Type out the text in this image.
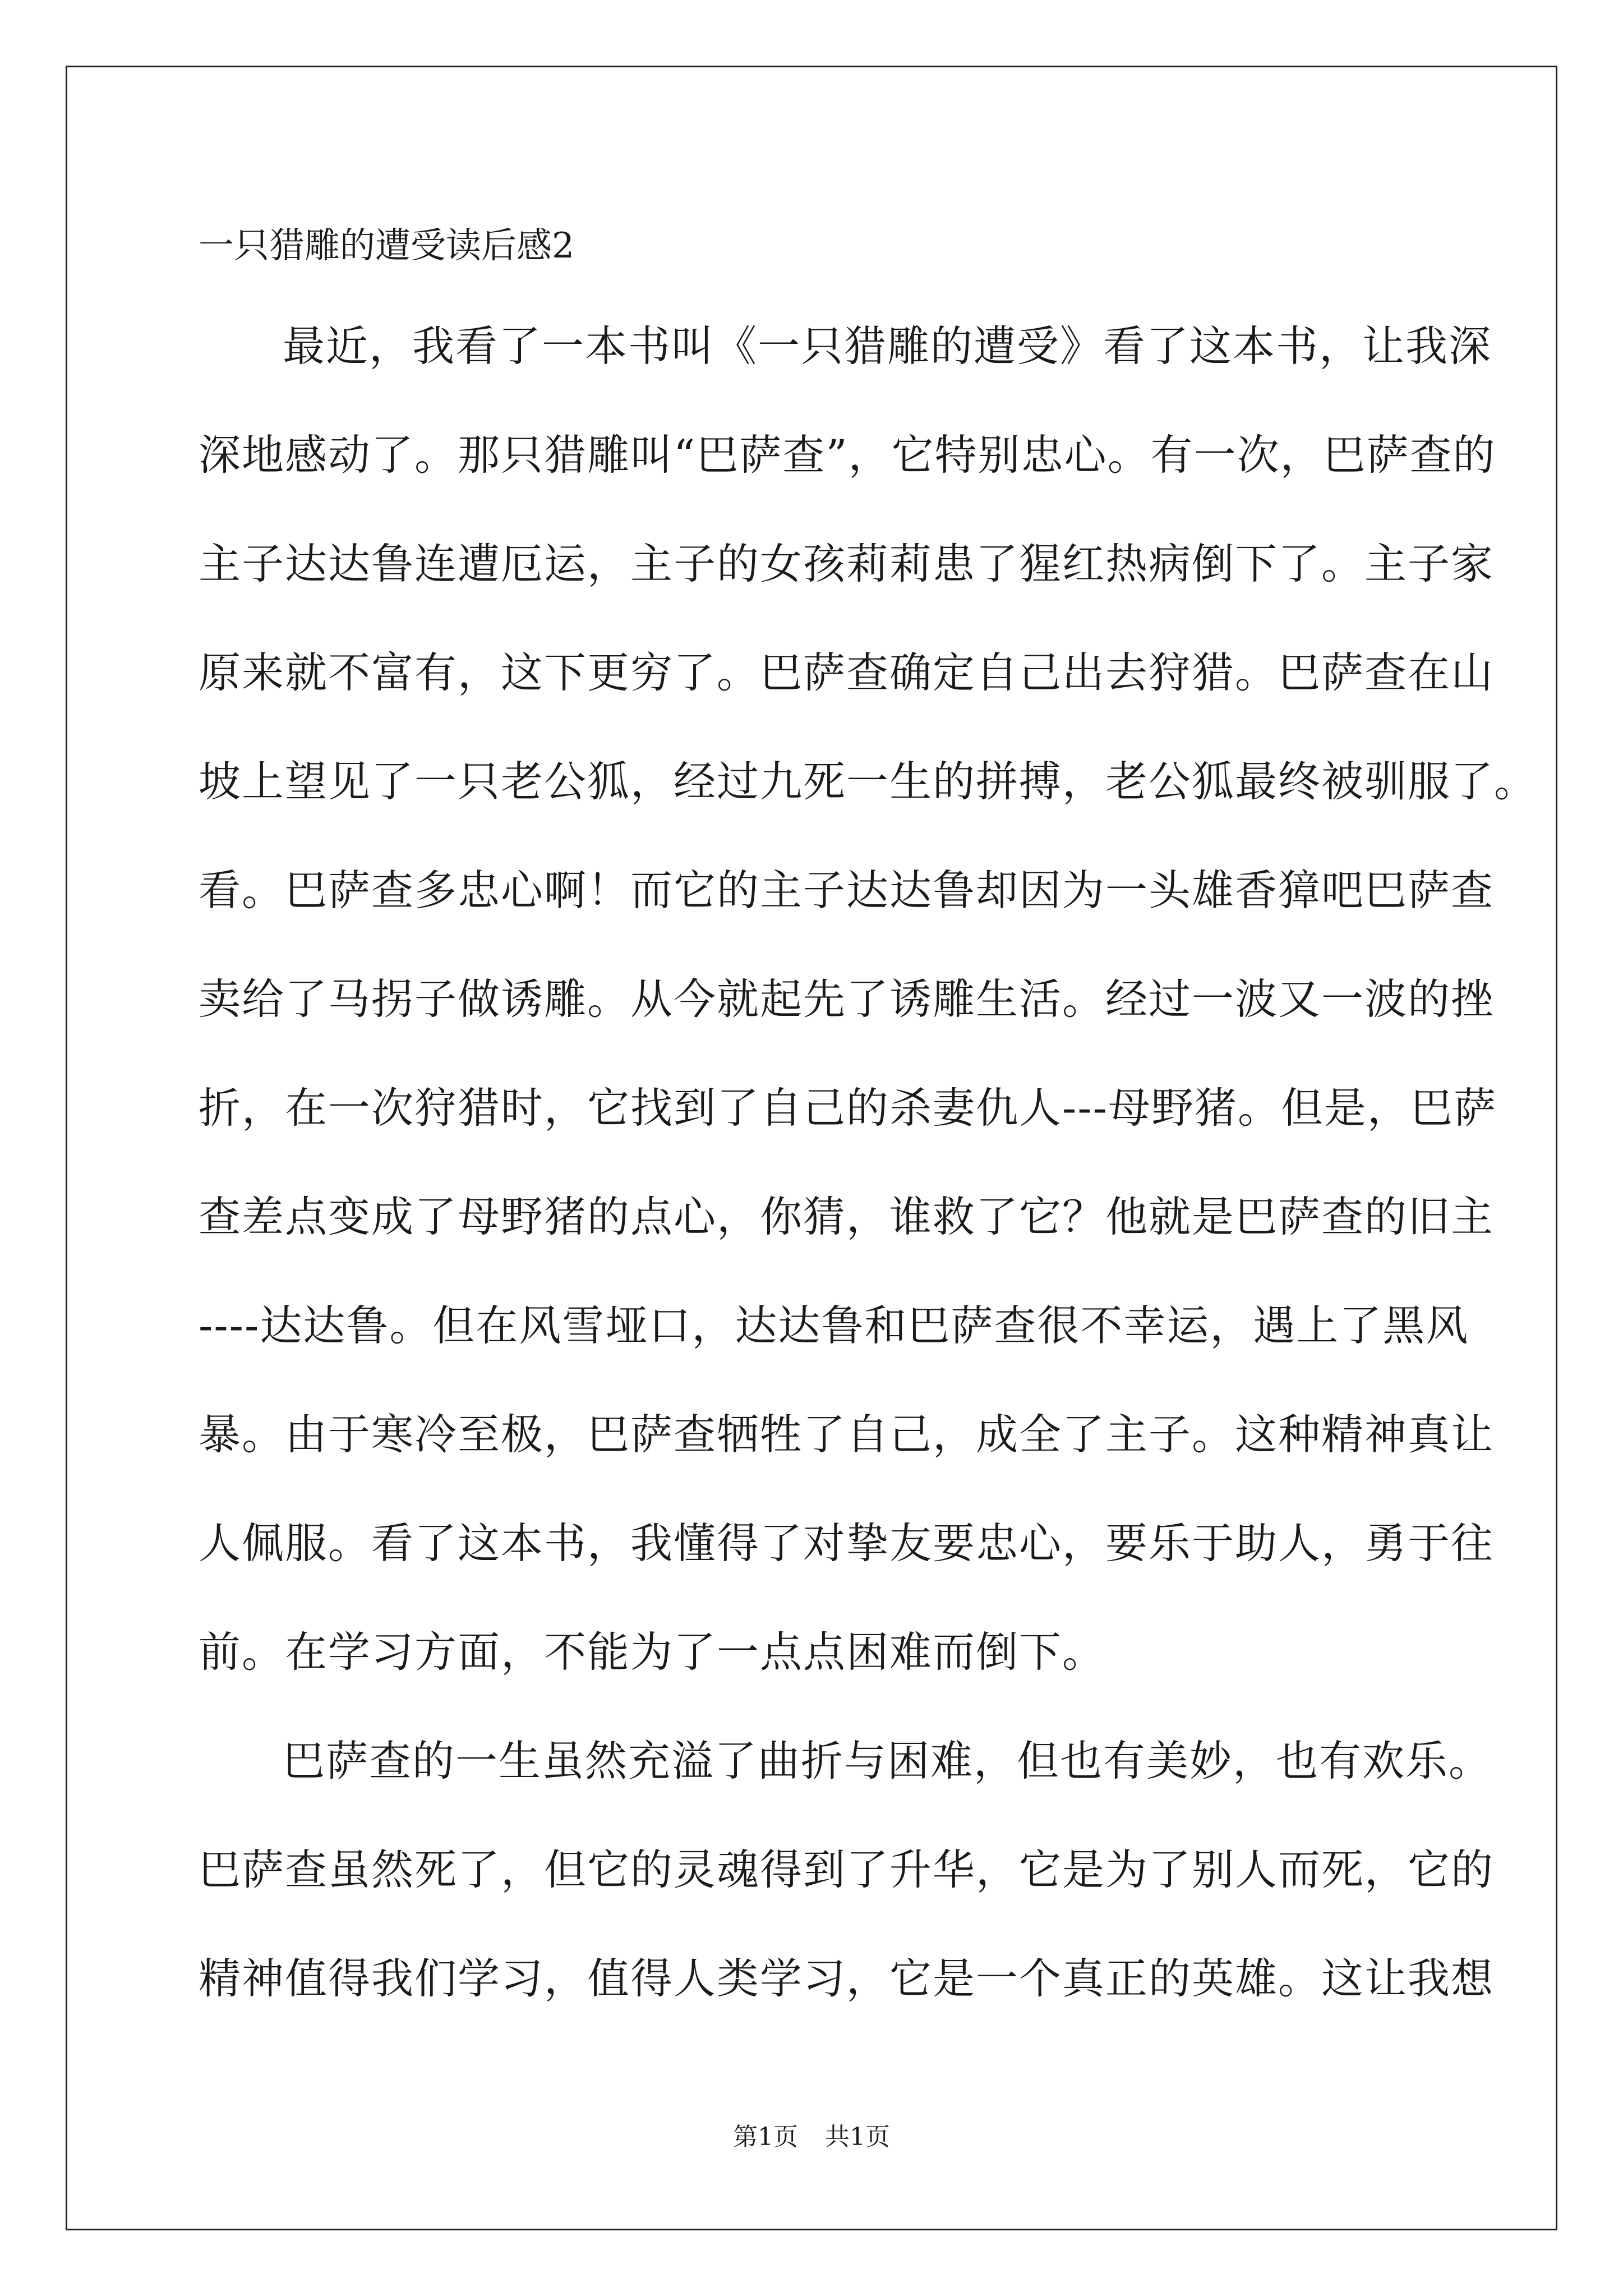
一只猎雕的遭受读后感2
最近，我看了一本书叫《一只猎雕的遭受》看了这本书，让我深
深地感动了。那只猎雕叫“巴萨查”，它特别忠心。有一次，巴萨查的
主子达达鲁连遭厄运，主子的女孩莉莉患了猩红热病倒下了。主子家
原来就不富有，这下更穷了。巴萨查确定自己出去狩猎。巴萨查在山
坡上望见了一只老公狐，经过九死一生的拼搏，老公狐最终被驯服了。
看。巴萨查多忠心啊！而它的主子达达鲁却因为一头雄香獐吧巴萨查
卖给了马拐子做诱雕。从今就起先了诱雕生活。经过一波又一波的挫
折，在一次狩猎时，它找到了自己的杀妻仇人---母野猪。但是，巴萨
查差点变成了母野猪的点心，你猜，谁救了它？他就是巴萨查的旧主
----达达鲁。但在风雪垭口，达达鲁和巴萨查很不幸运，遇上了黑风
暴。由于寒冷至极，巴萨查牺牲了自己，成全了主子。这种精神真让
人佩服。看了这本书，我懂得了对挚友要忠心，要乐于助人，勇于往
前。在学习方面，不能为了一点点困难而倒下。
巴萨查的一生虽然充溢了曲折与困难，但也有美妙，也有欢乐。
巴萨查虽然死了，但它的灵魂得到了升华，它是为了别人而死，它的
精神值得我们学习，值得人类学习，它是一个真正的英雄。这让我想
第1页 共1页
